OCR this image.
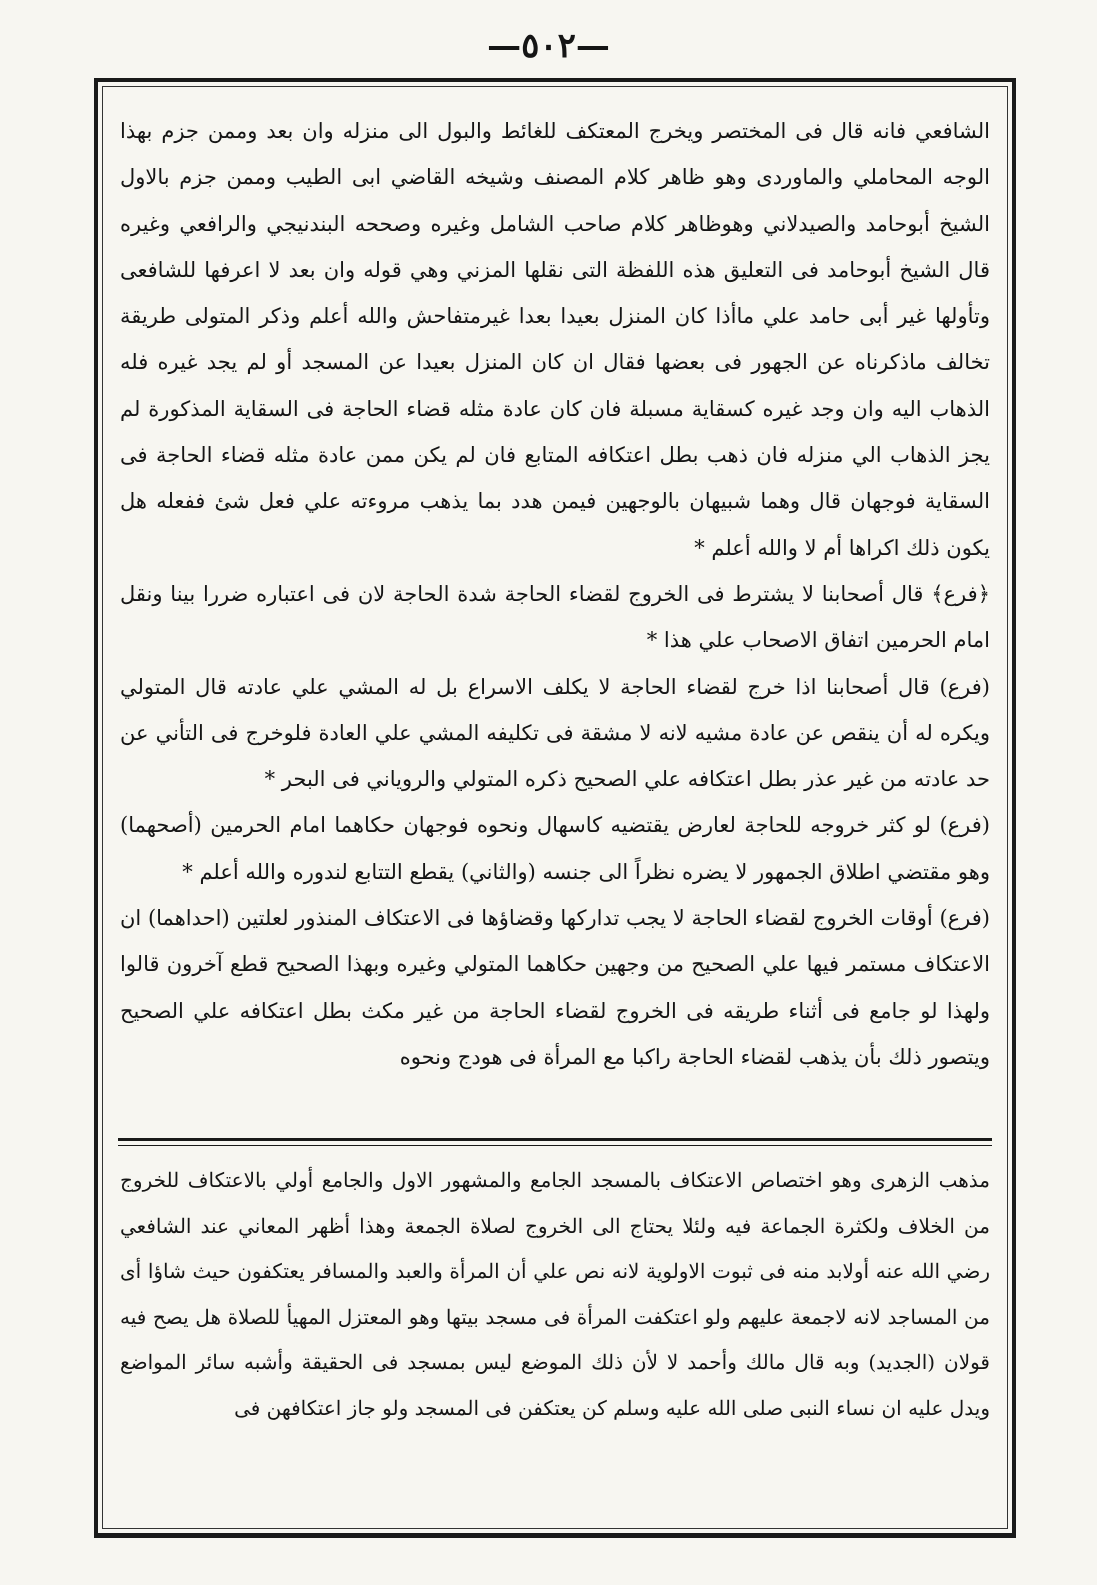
—٥٠٢—

الشافعي فانه قال فى المختصر ويخرج المعتكف للغائط والبول الى منزله وان بعد وممن جزم بهذا الوجه المحاملي والماوردى وهو ظاهر كلام المصنف وشيخه القاضي ابى الطيب وممن جزم بالاول الشيخ أبوحامد والصيدلاني وهوظاهر كلام صاحب الشامل وغيره وصححه البندنيجي والرافعي وغيره قال الشيخ أبوحامد فى التعليق هذه اللفظة التى نقلها المزني وهي قوله وان بعد لا اعرفها للشافعى وتأولها غير أبى حامد علي ماأذا كان المنزل بعيدا بعدا غيرمتفاحش والله أعلم وذكر المتولى طريقة تخالف ماذكرناه عن الجهور فى بعضها فقال ان كان المنزل بعيدا عن المسجد أو لم يجد غيره فله الذهاب اليه وان وجد غيره كسقاية مسبلة فان كان عادة مثله قضاء الحاجة فى السقاية المذكورة لم يجز الذهاب الي منزله فان ذهب بطل اعتكافه المتابع فان لم يكن ممن عادة مثله قضاء الحاجة فى السقاية فوجهان قال وهما شبيهان بالوجهين فيمن هدد بما يذهب مروءته علي فعل شئ ففعله هل يكون ذلك اكراها أم لا والله أعلم *

﴿فرع﴾ قال أصحابنا لا يشترط فى الخروج لقضاء الحاجة شدة الحاجة لان فى اعتباره ضررا بينا ونقل امام الحرمين اتفاق الاصحاب علي هذا *

(فرع) قال أصحابنا اذا خرج لقضاء الحاجة لا يكلف الاسراع بل له المشي علي عادته قال المتولي ويكره له أن ينقص عن عادة مشيه لانه لا مشقة فى تكليفه المشي علي العادة فلوخرج فى التأني عن حد عادته من غير عذر بطل اعتكافه علي الصحيح ذكره المتولي والروياني فى البحر *

(فرع) لو كثر خروجه للحاجة لعارض يقتضيه كاسهال ونحوه فوجهان حكاهما امام الحرمين (أصحهما) وهو مقتضي اطلاق الجمهور لا يضره نظراً الى جنسه (والثاني) يقطع التتابع لندوره والله أعلم *

(فرع) أوقات الخروج لقضاء الحاجة لا يجب تداركها وقضاؤها فى الاعتكاف المنذور لعلتين (احداهما) ان الاعتكاف مستمر فيها علي الصحيح من وجهين حكاهما المتولي وغيره وبهذا الصحيح قطع آخرون قالوا ولهذا لو جامع فى أثناء طريقه فى الخروج لقضاء الحاجة من غير مكث بطل اعتكافه علي الصحيح ويتصور ذلك بأن يذهب لقضاء الحاجة راكبا مع المرأة فى هودج ونحوه

مذهب الزهرى وهو اختصاص الاعتكاف بالمسجد الجامع والمشهور الاول والجامع أولي بالاعتكاف للخروج من الخلاف ولكثرة الجماعة فيه ولئلا يحتاج الى الخروج لصلاة الجمعة وهذا أظهر المعاني عند الشافعي رضي الله عنه أولابد منه فى ثبوت الاولوية لانه نص علي أن المرأة والعبد والمسافر يعتكفون حيث شاؤا أى من المساجد لانه لاجمعة عليهم ولو اعتكفت المرأة فى مسجد بيتها وهو المعتزل المهيأ للصلاة هل يصح فيه قولان (الجديد) وبه قال مالك وأحمد لا لأن ذلك الموضع ليس بمسجد فى الحقيقة وأشبه سائر المواضع ويدل عليه ان نساء النبى صلى الله عليه وسلم كن يعتكفن فى المسجد ولو جاز اعتكافهن فى
